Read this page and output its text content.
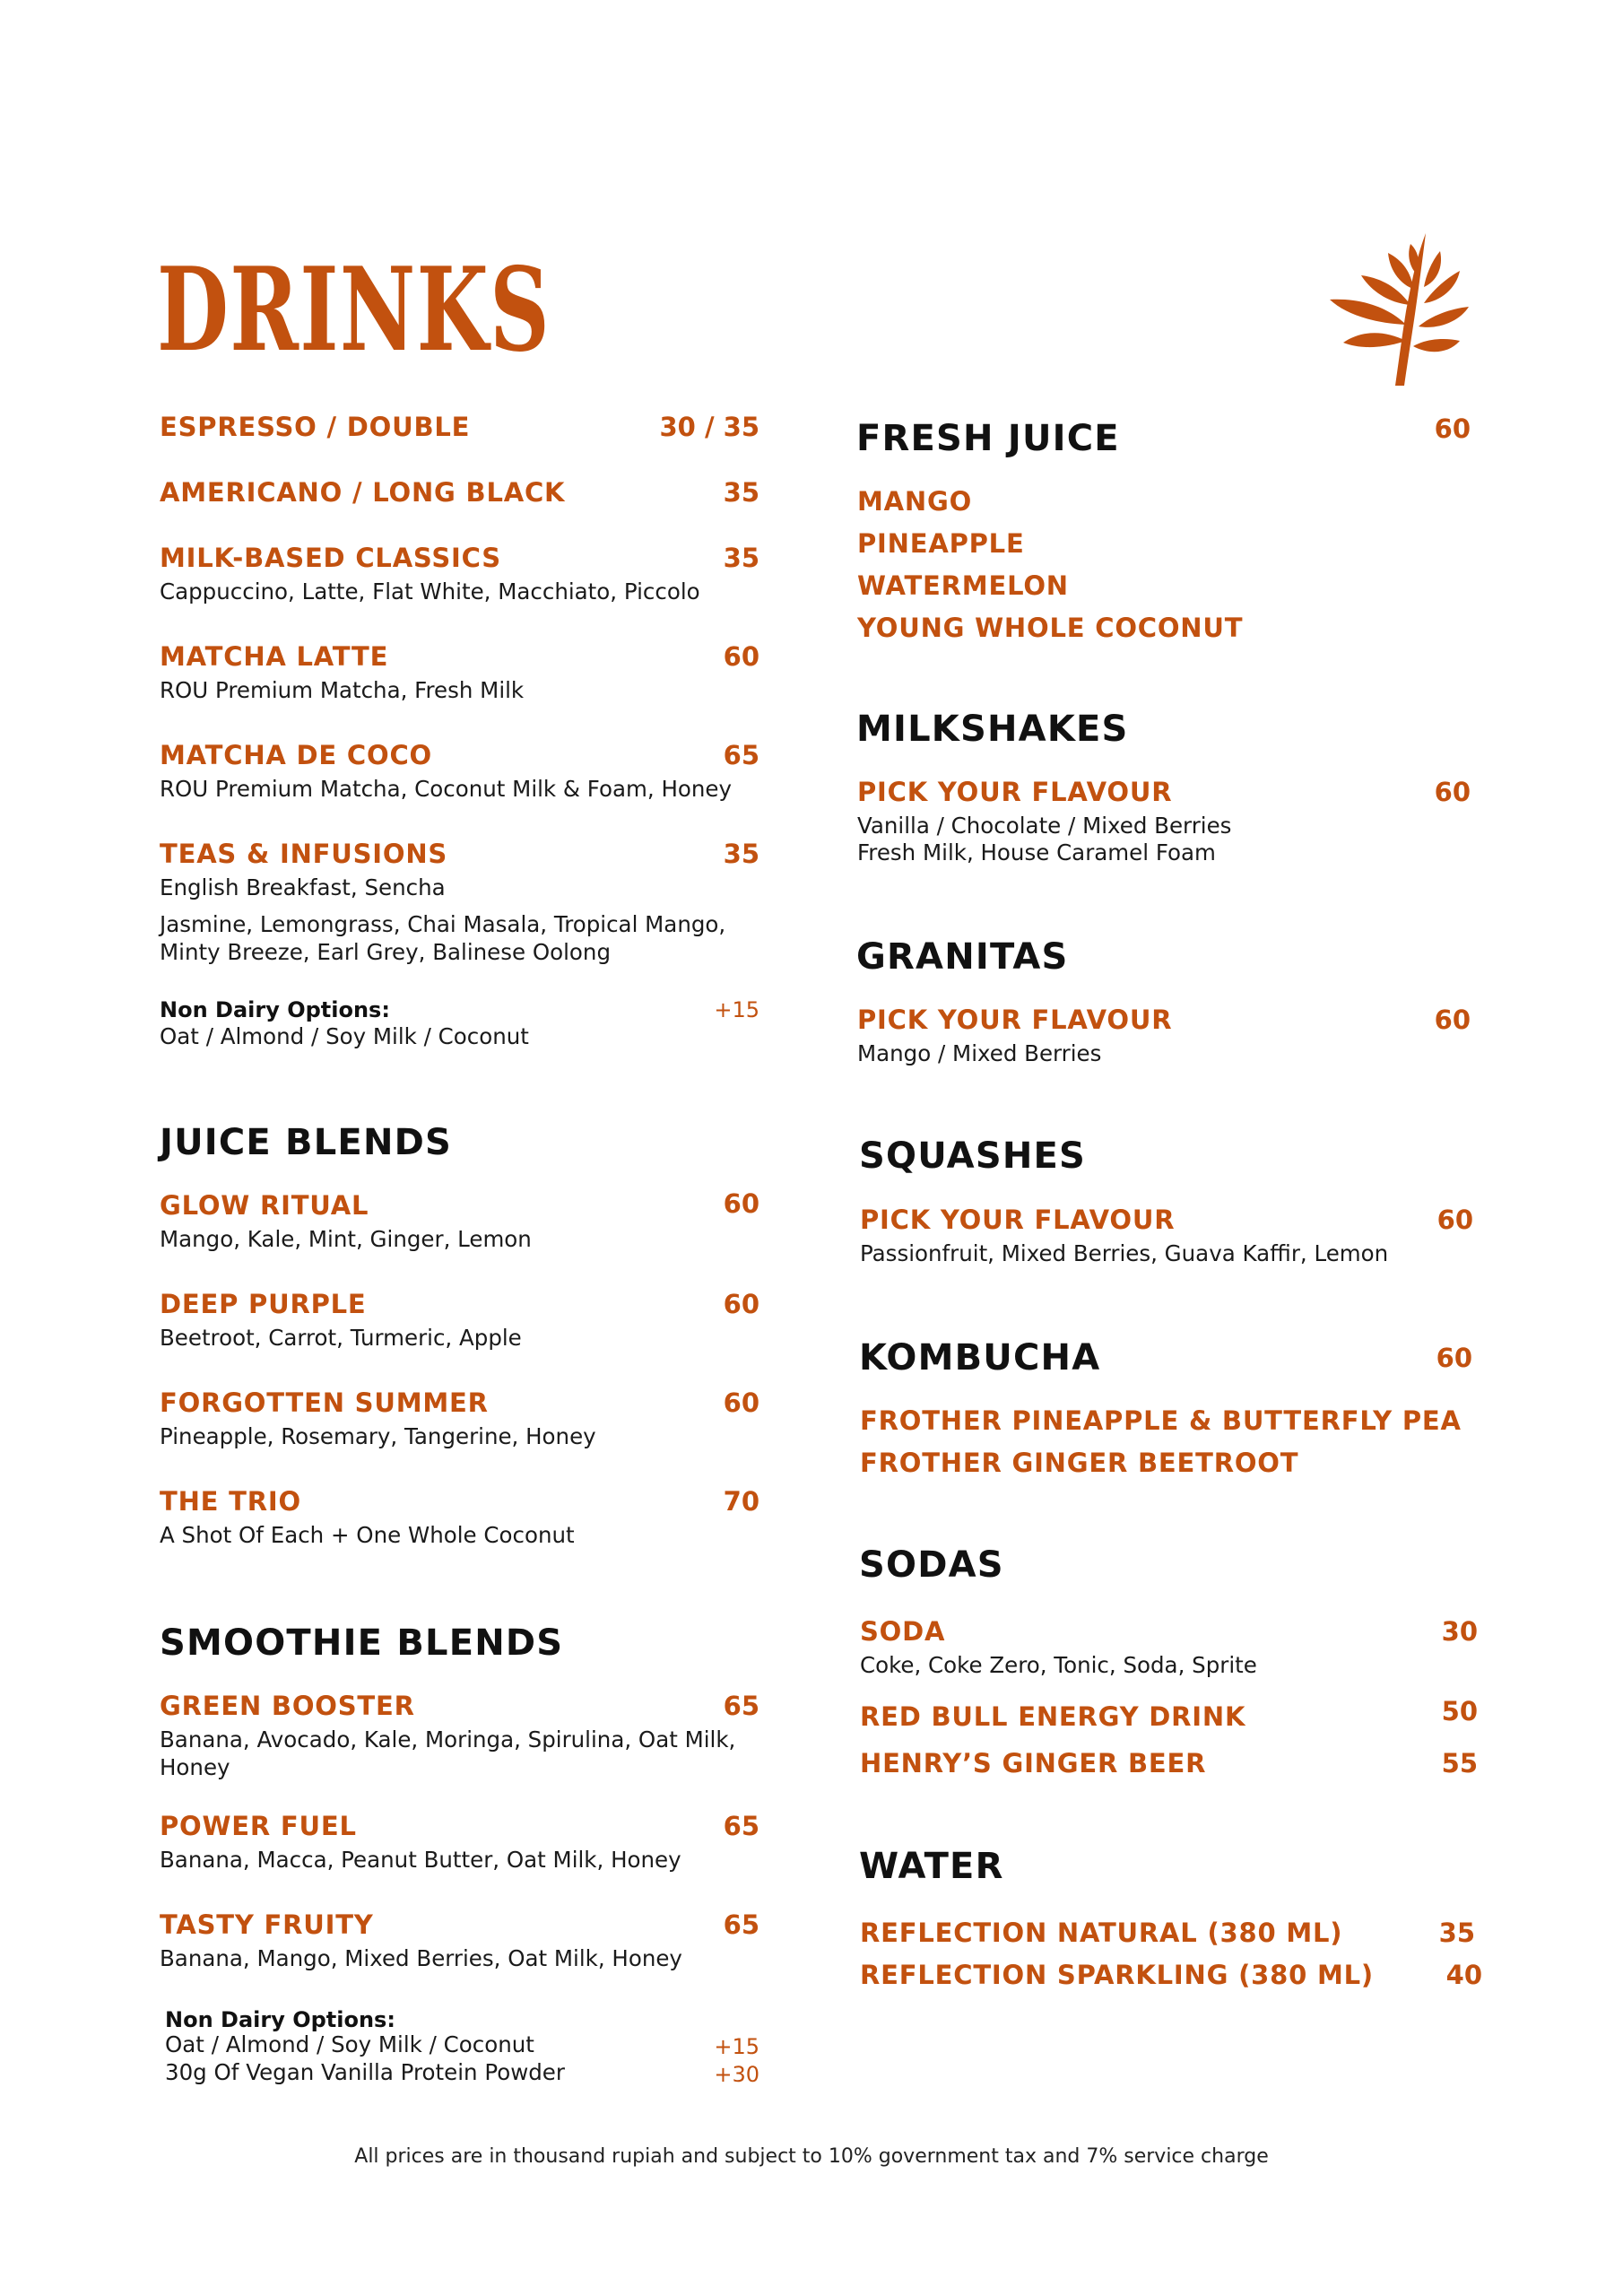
DRINKS
ESPRESSO / DOUBLE	30 / 35
AMERICANO / LONG BLACK	35
MILK-BASED CLASSICS	35
Cappuccino, Latte, Flat White, Macchiato, Piccolo
MATCHA LATTE	60
ROU Premium Matcha, Fresh Milk
MATCHA DE COCO	65
ROU Premium Matcha, Coconut Milk & Foam, Honey
TEAS & INFUSIONS	35
English Breakfast, Sencha
Jasmine, Lemongrass, Chai Masala, Tropical Mango,
Minty Breeze, Earl Grey, Balinese Oolong
Non Dairy Options:	+15
Oat / Almond / Soy Milk / Coconut
JUICE BLENDS
GLOW RITUAL	60
Mango, Kale, Mint, Ginger, Lemon
DEEP PURPLE	60
Beetroot, Carrot, Turmeric, Apple
FORGOTTEN SUMMER	60
Pineapple, Rosemary, Tangerine, Honey
THE TRIO	70
A Shot Of Each + One Whole Coconut
SMOOTHIE BLENDS
GREEN BOOSTER	65
Banana, Avocado, Kale, Moringa, Spirulina, Oat Milk,
Honey
POWER FUEL	65
Banana, Macca, Peanut Butter, Oat Milk, Honey
TASTY FRUITY	65
Banana, Mango, Mixed Berries, Oat Milk, Honey
Non Dairy Options:
Oat / Almond / Soy Milk / Coconut	+15
30g Of Vegan Vanilla Protein Powder	+30
FRESH JUICE	60
MANGO
PINEAPPLE
WATERMELON
YOUNG WHOLE COCONUT
MILKSHAKES
PICK YOUR FLAVOUR	60
Vanilla / Chocolate / Mixed Berries
Fresh Milk, House Caramel Foam
GRANITAS
PICK YOUR FLAVOUR	60
Mango / Mixed Berries
SQUASHES
PICK YOUR FLAVOUR	60
Passionfruit, Mixed Berries, Guava Kaffir, Lemon
KOMBUCHA	60
FROTHER PINEAPPLE & BUTTERFLY PEA
FROTHER GINGER BEETROOT
SODAS
SODA	30
Coke, Coke Zero, Tonic, Soda, Sprite
RED BULL ENERGY DRINK	50
HENRY’S GINGER BEER	55
WATER
REFLECTION NATURAL (380 ML)	35
REFLECTION SPARKLING (380 ML)	40
All prices are in thousand rupiah and subject to 10% government tax and 7% service charge
